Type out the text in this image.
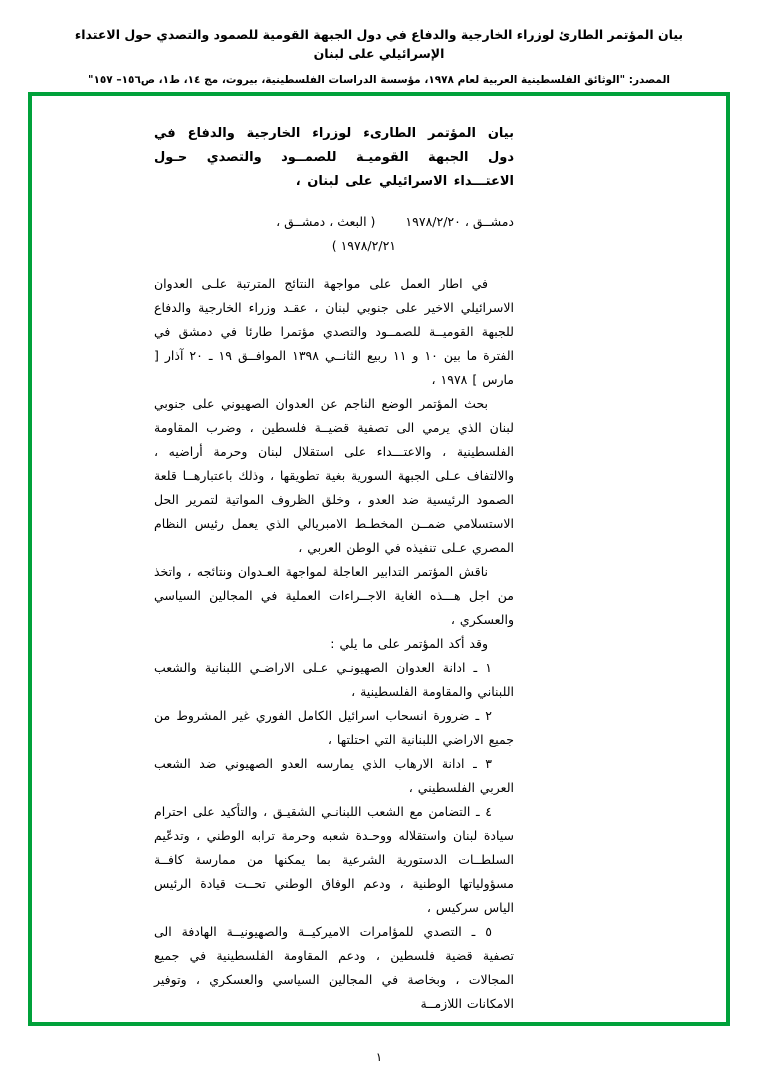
بيان المؤتمر الطارئ لوزراء الخارجية والدفاع في دول الجبهة القومية للصمود والتصدي حول الاعتداء الإسرائيلي على لبنان
المصدر: "الوثائق الفلسطينية العربية لعام ١٩٧٨، مؤسسة الدراسات الفلسطينية، بيروت، مج ١٤، ط١، ص١٥٦– ١٥٧"
بيان المؤتمر الطارىء لوزراء الخارجية والدفاع في دول الجبهة القوميـة للصمــود والتصدي حـول الاعتـــداء الاسرائيلي على لبنان ،
دمشــق ، ١٩٧٨/٢/٢٠ ( البعث ، دمشــق ،
١٩٧٨/٢/٢١ )

في اطار العمل على مواجهة النتائج المترتبة علـى العدوان الاسرائيلي الاخير على جنوبي لبنان ، عقـد وزراء الخارجية والدفاع للجبهة القوميــة للصمــود والتصدي مؤتمرا طارئا في دمشق في الفترة ما بين ١٠ و ١١ ربيع الثانــي ١٣٩٨ الموافــق ١٩ ـ ٢٠ آذار [ مارس ] ١٩٧٨ ،

بحث المؤتمر الوضع الناجم عن العدوان الصهيوني على جنوبي لبنان الذي يرمي الى تصفية قضيــة فلسطين ، وضرب المقاومة الفلسطينية ، والاعتـــداء على استقلال لبنان وحرمة أراضيه ، والالتفاف عـلى الجبهة السورية بغية تطويقها ، وذلك باعتبارهــا قلعة الصمود الرئيسية ضد العدو ، وخلق الظروف المواتية لتمرير الحل الاستسلامي ضمــن المخطـط الامبريالي الذي يعمل رئيس النظام المصري عـلى تنفيذه في الوطن العربي ،

ناقش المؤتمر التدابير العاجلة لمواجهة العـدوان ونتائجه ، واتخذ من اجل هـــذه الغاية الاجــراءات العملية في المجالين السياسي والعسكري ،

وقد أكد المؤتمر على ما يلي :

١ ـ ادانة العدوان الصهيونـي عـلى الاراضـي اللبنانية والشعب اللبناني والمقاومة الفلسطينية ،

٢ ـ ضرورة انسحاب اسرائيل الكامل الفوري غير المشروط من جميع الاراضي اللبنانية التي احتلتها ،

٣ ـ ادانة الارهاب الذي يمارسه العدو الصهيوني ضد الشعب العربي الفلسطيني ،

٤ ـ التضامن مع الشعب اللبنانـي الشقيـق ، والتأكيد على احترام سيادة لبنان واستقلاله ووحـدة شعبه وحرمة ترابه الوطني ، وتدعّيم السلطــات الدستورية الشرعية بما يمكنها من ممارسة كافــة مسؤولياتها الوطنية ، ودعم الوفاق الوطني تحــت قيادة الرئيس الياس سركيس ،

٥ ـ التصدي للمؤامرات الاميركيــة والصهيونيــة الهادفة الى تصفية قضية فلسطين ، ودعم المقاومة الفلسطينية في جميع المجالات ، وبخاصة في المجالين السياسي والعسكري ، وتوفير الامكانات اللازمــة

١
